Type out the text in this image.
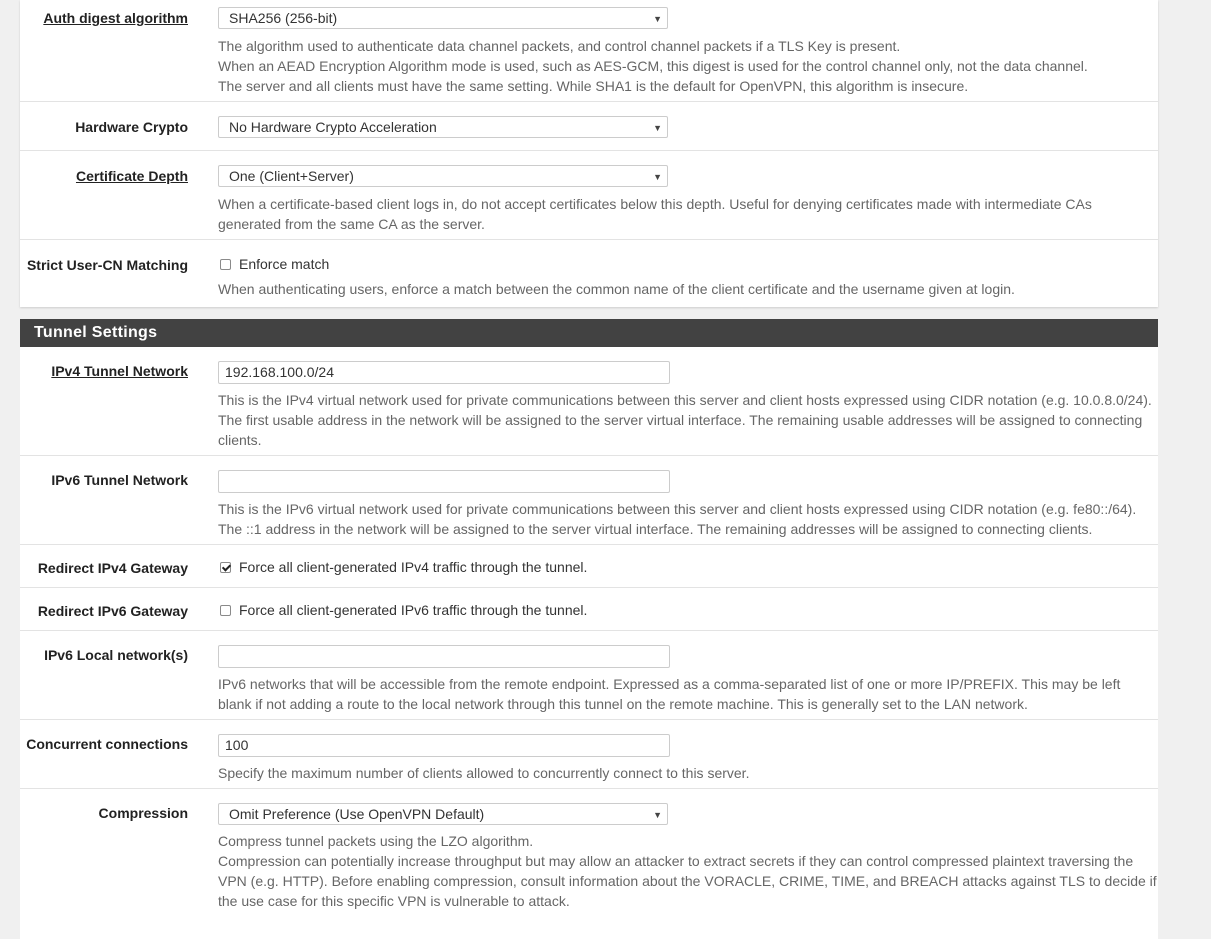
Auth digest algorithm	SHA256 (256-bit)	▼
The algorithm used to authenticate data channel packets, and control channel packets if a TLS Key is present.
When an AEAD Encryption Algorithm mode is used, such as AES-GCM, this digest is used for the control channel only, not the data channel.
The server and all clients must have the same setting. While SHA1 is the default for OpenVPN, this algorithm is insecure.
Hardware Crypto	No Hardware Crypto Acceleration	▼
Certificate Depth	One (Client+Server)	▼
When a certificate-based client logs in, do not accept certificates below this depth. Useful for denying certificates made with intermediate CAs
generated from the same CA as the server.
Strict User-CN Matching	Enforce match
When authenticating users, enforce a match between the common name of the client certificate and the username given at login.
Tunnel Settings
IPv4 Tunnel Network	192.168.100.0/24
This is the IPv4 virtual network used for private communications between this server and client hosts expressed using CIDR notation (e.g. 10.0.8.0/24).
The first usable address in the network will be assigned to the server virtual interface. The remaining usable addresses will be assigned to connecting
clients.
IPv6 Tunnel Network
This is the IPv6 virtual network used for private communications between this server and client hosts expressed using CIDR notation (e.g. fe80::/64).
The ::1 address in the network will be assigned to the server virtual interface. The remaining addresses will be assigned to connecting clients.
Redirect IPv4 Gateway	Force all client-generated IPv4 traffic through the tunnel.
Redirect IPv6 Gateway	Force all client-generated IPv6 traffic through the tunnel.
IPv6 Local network(s)
IPv6 networks that will be accessible from the remote endpoint. Expressed as a comma-separated list of one or more IP/PREFIX. This may be left
blank if not adding a route to the local network through this tunnel on the remote machine. This is generally set to the LAN network.
Concurrent connections	100
Specify the maximum number of clients allowed to concurrently connect to this server.
Compression	Omit Preference (Use OpenVPN Default)	▼
Compress tunnel packets using the LZO algorithm.
Compression can potentially increase throughput but may allow an attacker to extract secrets if they can control compressed plaintext traversing the
VPN (e.g. HTTP). Before enabling compression, consult information about the VORACLE, CRIME, TIME, and BREACH attacks against TLS to decide if
the use case for this specific VPN is vulnerable to attack.
